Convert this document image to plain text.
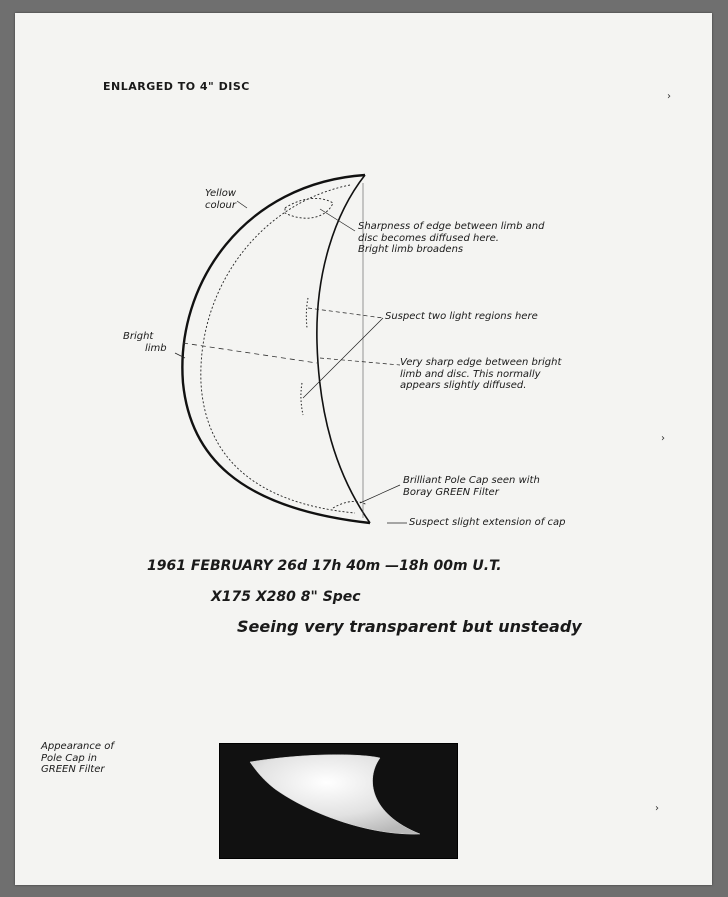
ENLARGED TO 4" DISC
Yellow
colour
Bright
limb
Sharpness of edge between limb and
disc becomes diffused here.
Bright limb broadens
Suspect two light regions here
Very sharp edge between bright
limb and disc. This normally
appears slightly diffused.
Brilliant Pole Cap seen with
Boray GREEN Filter
Suspect slight extension of cap
1961 FEBRUARY 26d 17h 40m —18h 00m U.T.
X175 X280 8" Spec
Seeing very transparent but unsteady
Appearance of
Pole Cap in
GREEN Filter
›
›
›
